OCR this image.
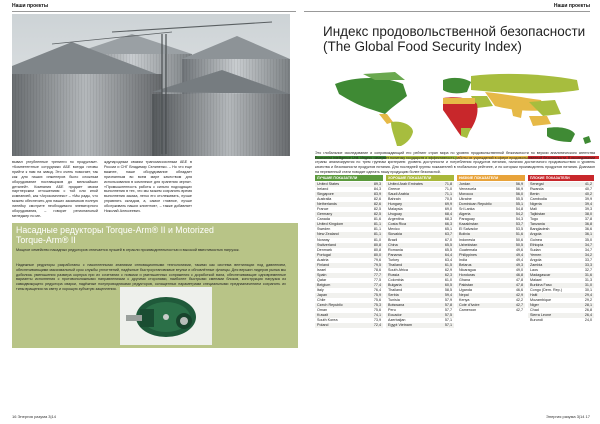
Наши проекты
вывал углубленные тренинги по продуктам». «Компетентные сотрудники АБЕ всегда готовы прийти к нам на завод. Это очень помогает, так как для наших инженеров было сложным оборудование поставщиков до мельчайших деталей». Компания АБЕ придает своим партнерским отношениям с той или иной компанией, как «Агрокомплекс» – «Мы рады, что можем обеспечить для наших заказчиков полную линейку смотрите необходимого элеваторного оборудования, – говорит региональный менеджер по ме-
ждународным связям трансмиссионным АБЕ в России и СНГ Владимир Селиненко. – Но что еще важнее, наше оборудование обладает признанным во всем мире качеством для использования в комплексе для хранения зерна». «Промышленность работы с сильно подходящих выполнения в тех, что мы можем сохранить время выполнения заказа, легко его отслеживать, лучше управлять складом, а, самое главное, лучше обслуживать наших клиентов», – также добавляет Николай Алексеевич.
Насадные редукторы Torque-Arm® II и Motorized Torque-Arm® II
Мощное семейство насадных редукторов отличается лучшей в отрасли производительностью и высокой вместимостью нагрузок.
Надежные редукторы разработаны с накопленными знаниями инновационными технологиями, такими как система вентиляции под давлением, обеспечивающими максимальный срок службы уплотнений, надёжные быстроустановимые втулки и обновлённые фланцы. Для вершин лидеров рынка мы добились уменьшения размера корпуса при их сочетании с новыми и уменьшенных сопряжения с доработкой вала, обеспечивающие одновременные варианты исполнения с противоположными направлениями с другими сторонами, наиболее быстрыми сменами блоков, конструкция нагрузка из самодвижущего редуктора сварки, надёжные полупроводниками редукторов, оснащенных параметрами специальными предназначением сохранить их типы вращения на свету и хорошую зубчатую зацепления.
16 Энергия разума 3|14
Наши проекты
Индекс продовольственной безопасности (The Global Food Security Index)
Это глобальное исследование и сопровождающий его рейтинг стран мира по уровню продовольственной безопасности по версии аналитического агентства Economist Intelligence Unit. Индекс измеряет политику государств и эффективность работы их учреждений в сфере продовольственной безопасности. В исследовании страны анализируются по трем группам критериев: уровень доступности и потребления продуктов питания, наличия достаточного продовольствия и уровень качества и безопасности продуктов питания. Для последней группы показателей в глобальном рейтинге, и по которым производитель продуктов питания. Диапазон на переменный стати поводит сделать нашу продукцию более безопасной.
ЛУЧШИЕ ПОКАЗАТЕЛИ
United States	89,3
Ireland	84,3
Singapore	83,9
Australia	82,6
Netherlands	82,6
France	82,5
Germany	82,5
Canada	81,6
United Kingdom	81,1
Sweden	81,1
New Zealand	81,1
Norway	81,0
Switzerland	80,8
Denmark	80,8
Portugal	80,0
Austria	79,6
Finland	79,5
Israel	78,6
Spain	77,7
Qatar	77,5
Belgium	77,4
Italy	76,4
Japan	75,9
Chile	75,6
Czech Republic	75,3
Oman	75,6
Kuwait	74,1
South Korea	73,9
Poland	72,4
ХОРОШИЕ ПОКАЗАТЕЛИ
United Arab Emirates	71,8
Greece	71,0
Saudi Arabia	71,1
Bahrain	70,5
Hungary	69,9
Malaysia	69,0
Uruguay	68,4
Argentina	68,3
Costa Rica	66,3
Mexico	65,1
Slovakia	63,7
Brazil	67,0
China	65,5
Romania	65,5
Panama	64,4
Turkey	63,4
Thailand	61,5
South Africa	62,9
Russia	62,3
Colombia	61,0
Bulgaria	60,5
Thailand	58,5
Serbia	59,4
Tunisia	57,9
Botswana	57,8
Peru	57,7
Ecuador	57,5
Azerbaijan	57,1
Egypt Vietnam	57,1
НИЗКИЕ ПОКАЗАТЕЛИ
Jordan	56,9
Venezuela	56,9
Morocco	56,0
Ukraine	55,5
Dominican Republic	55,1
Sri Lanka	54,8
Algeria	54,2
Paraguay	54,3
Kazakhstan	53,7
El Salvador	53,5
Bolivia	51,6
Indonesia	50,6
Uzbekistan	50,5
Guatemala	49,6
Philippines	49,4
India	49,4
Belarus	49,3
Nicaragua	49,0
Honduras	46,8
Ghana	47,8
Pakistan	47,8
Uganda	46,6
Nepal	42,9
Kenya	42,2
Cote d'Ivoire	42,7
Cameroon	42,7
ПЛОХИЕ ПОКАЗАТЕЛИ
Senegal	41,2
Rwanda	40,7
Benin	40,2
Cambodia	39,9
Nigeria	39,4
Mali	39,3
Tajikistan	38,0
Togo	37,8
Tanzania	36,8
Bangladesh	36,6
Angola	36,1
Guinea	35,0
Ethiopia	34,7
Sudan	34,7
Yemen	34,2
Angola	33,7
Zambia	33,3
Laos	32,7
Madagascar	31,6
Malawi	31,3
Burkina Faso	31,0
Congo (Dem. Rep.)	30,1
Haiti	29,4
Mozambique	29,2
Niger	28,1
Chad	26,8
Sierra Leone	26,4
Burundi	24,0
Энергия разума 3|14 17
